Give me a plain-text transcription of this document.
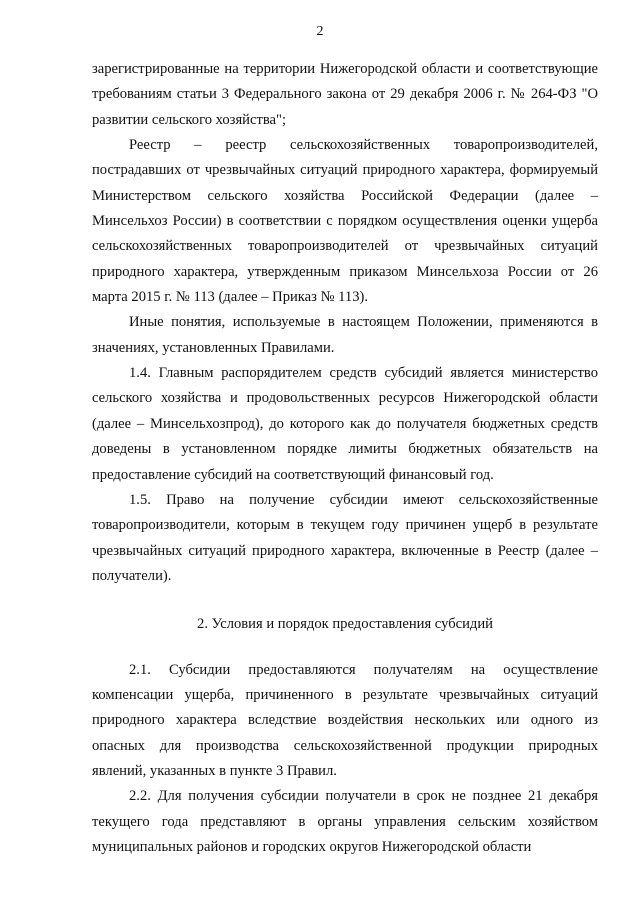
2

зарегистрированные на территории Нижегородской области и соответствующие требованиям статьи 3 Федерального закона от 29 декабря 2006 г. № 264-ФЗ "О развитии сельского хозяйства";

Реестр – реестр сельскохозяйственных товаропроизводителей, пострадавших от чрезвычайных ситуаций природного характера, формируемый Министерством сельского хозяйства Российской Федерации (далее – Минсельхоз России) в соответствии с порядком осуществления оценки ущерба сельскохозяйственных товаропроизводителей от чрезвычайных ситуаций природного характера, утвержденным приказом Минсельхоза России от 26 марта 2015 г. № 113 (далее – Приказ № 113).

Иные понятия, используемые в настоящем Положении, применяются в значениях, установленных Правилами.

1.4. Главным распорядителем средств субсидий является министерство сельского хозяйства и продовольственных ресурсов Нижегородской области (далее – Минсельхозпрод), до которого как до получателя бюджетных средств доведены в установленном порядке лимиты бюджетных обязательств на предоставление субсидий на соответствующий финансовый год.

1.5. Право на получение субсидии имеют сельскохозяйственные товаропроизводители, которым в текущем году причинен ущерб в результате чрезвычайных ситуаций природного характера, включенные в Реестр (далее – получатели).

2. Условия и порядок предоставления субсидий

2.1. Субсидии предоставляются получателям на осуществление компенсации ущерба, причиненного в результате чрезвычайных ситуаций природного характера вследствие воздействия нескольких или одного из опасных для производства сельскохозяйственной продукции природных явлений, указанных в пункте 3 Правил.

2.2. Для получения субсидии получатели в срок не позднее 21 декабря текущего года представляют в органы управления сельским хозяйством муниципальных районов и городских округов Нижегородской области
